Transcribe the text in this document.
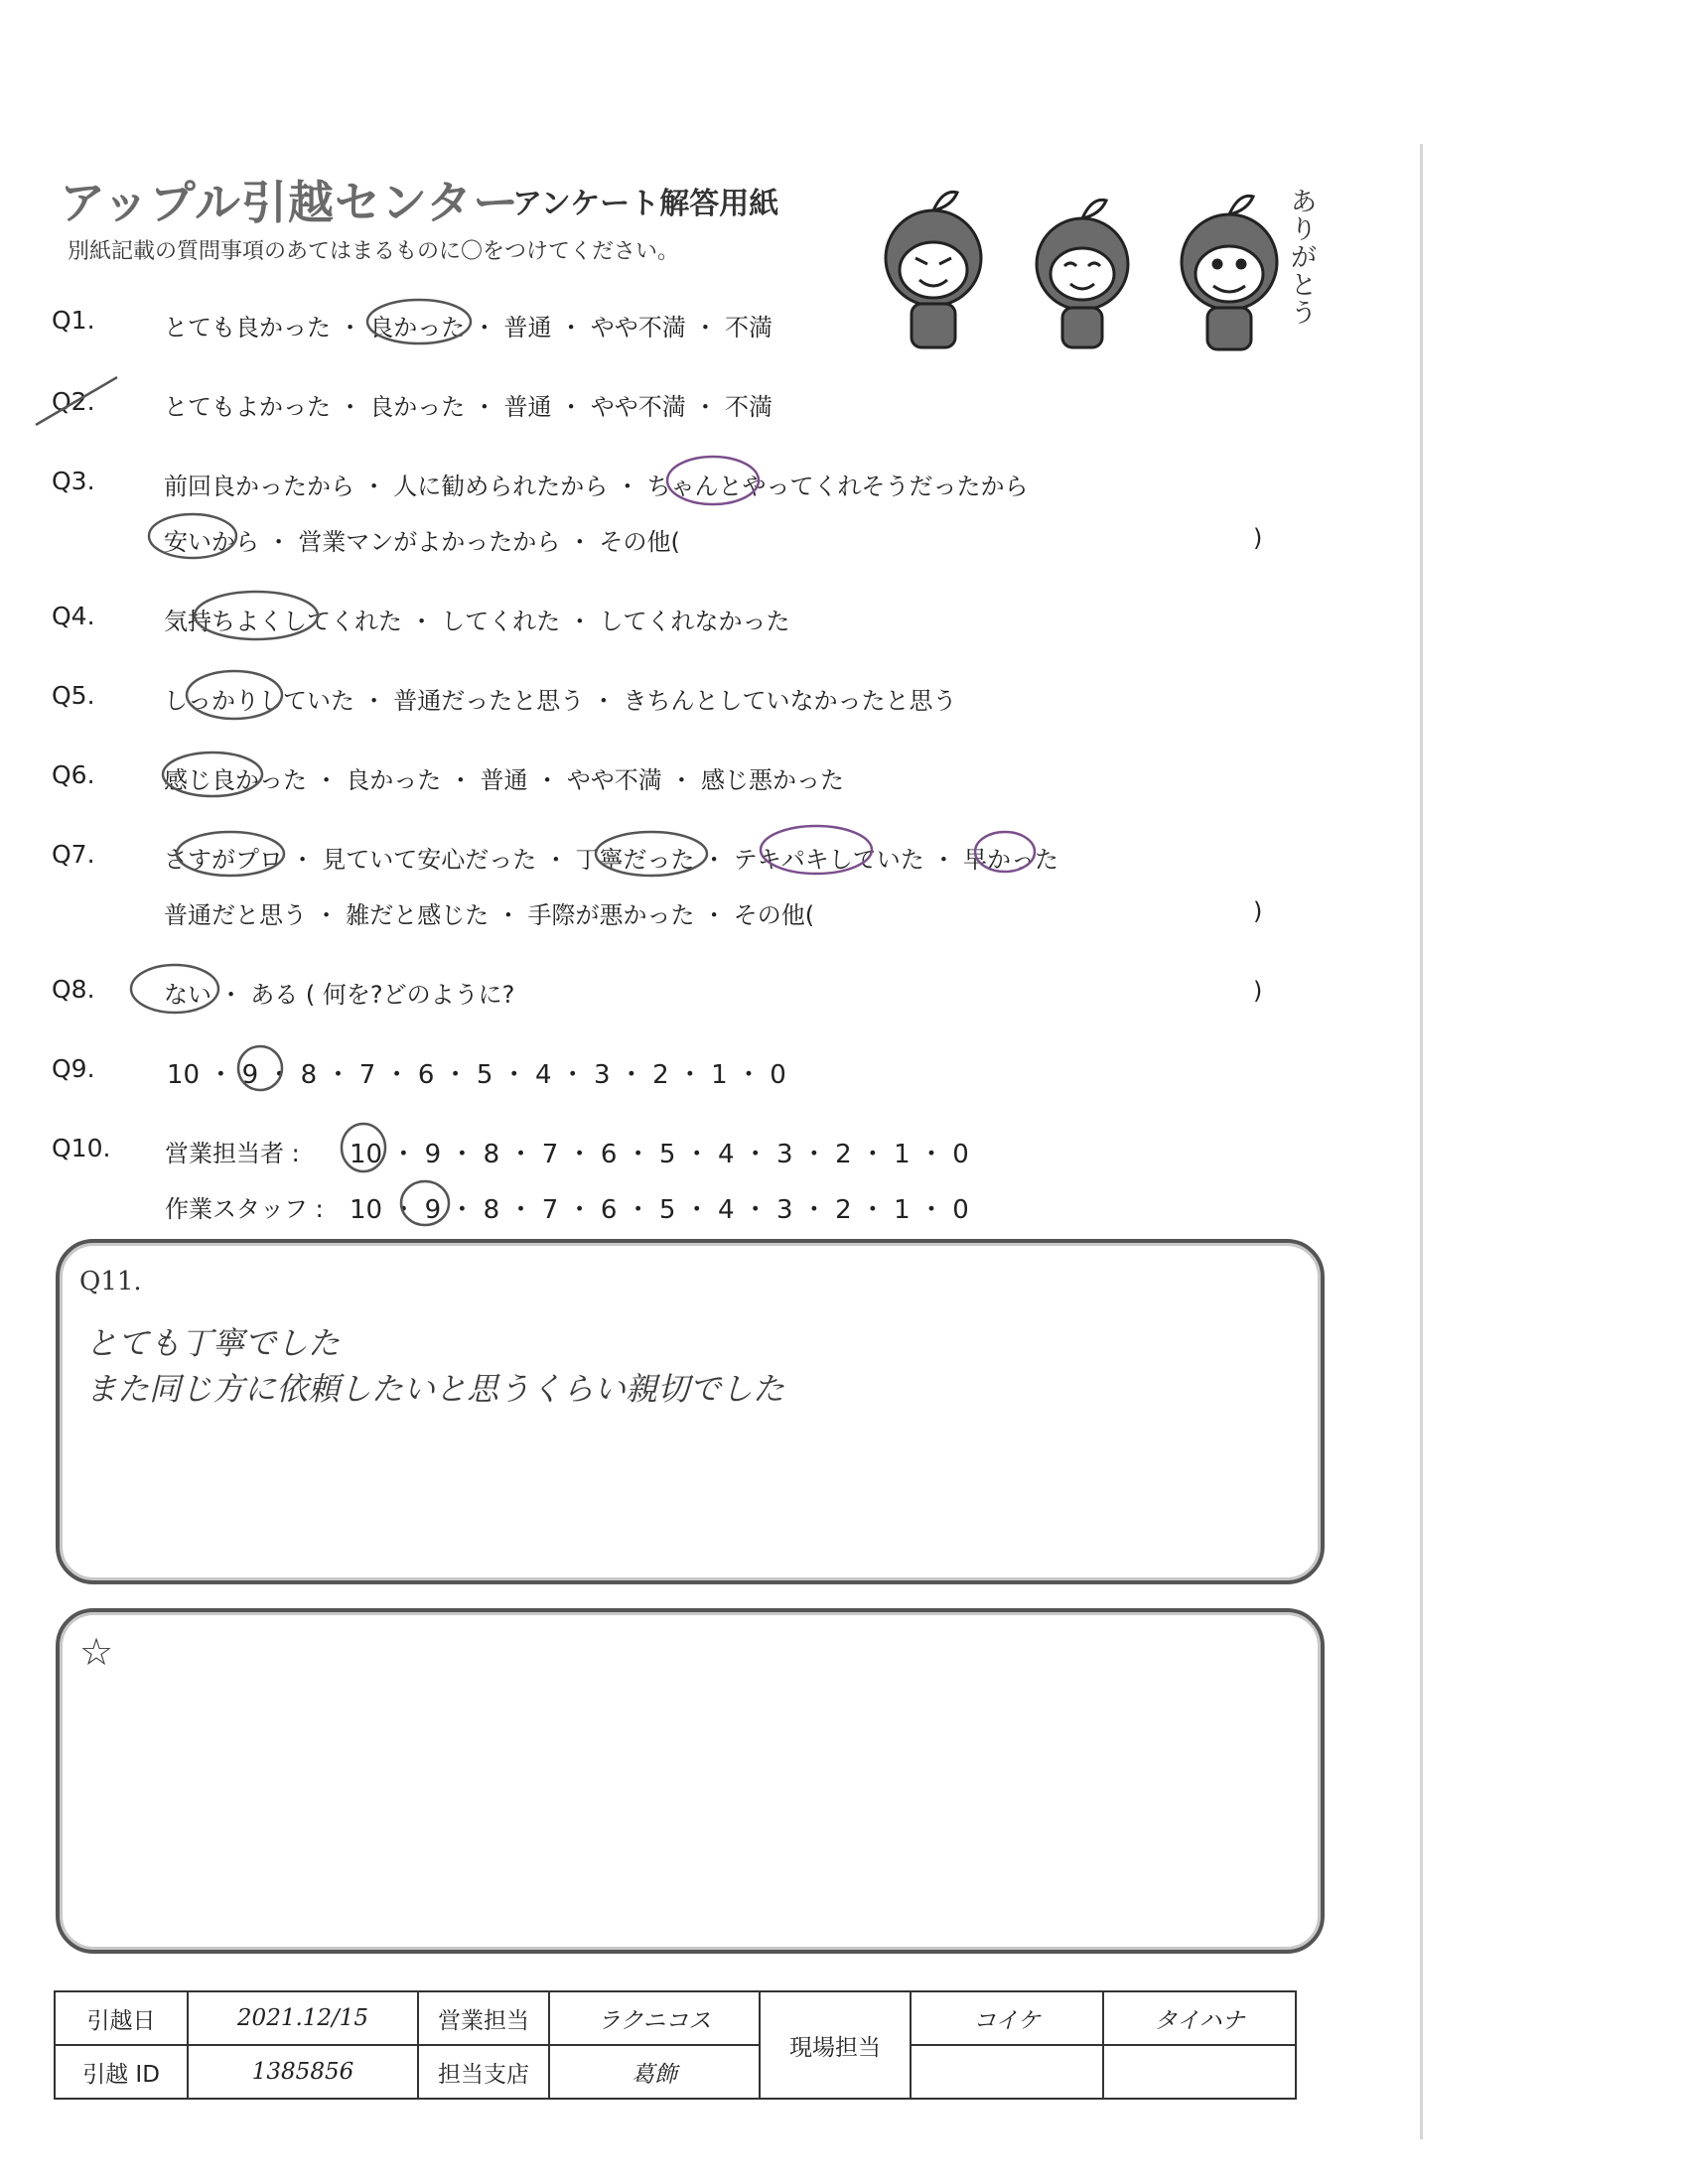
アップル引越センター
アンケート解答用紙
別紙記載の質問事項のあてはまるものに〇をつけてください。
ありがとう
Q1.	とても良かった ・ 良かった ・ 普通 ・ やや不満 ・ 不満
Q2.	とてもよかった ・ 良かった ・ 普通 ・ やや不満 ・ 不満
Q3.	前回良かったから ・ 人に勧められたから ・ ちゃんとやってくれそうだったから
安いから ・ 営業マンがよかったから ・ その他(	)
Q4.	気持ちよくしてくれた ・ してくれた ・ してくれなかった
Q5.	しっかりしていた ・ 普通だったと思う ・ きちんとしていなかったと思う
Q6.	感じ良かった ・ 良かった ・ 普通 ・ やや不満 ・ 感じ悪かった
Q7.	さすがプロ ・ 見ていて安心だった ・ 丁寧だった ・ テキパキしていた ・ 早かった
普通だと思う ・ 雑だと感じた ・ 手際が悪かった ・ その他(	)
Q8.	ない ・ ある ( 何を?どのように?	)
Q9.	10 ・ 9 ・ 8 ・ 7 ・ 6 ・ 5 ・ 4 ・ 3 ・ 2 ・ 1 ・ 0
Q10. 営業担当者 : 10 ・ 9 ・ 8 ・ 7 ・ 6 ・ 5 ・ 4 ・ 3 ・ 2 ・ 1 ・ 0
作業スタッフ : 10 ・ 9 ・ 8 ・ 7 ・ 6 ・ 5 ・ 4 ・ 3 ・ 2 ・ 1 ・ 0
Q11.
とても丁寧でした
また同じ方に依頼したいと思うくらい親切でした
☆
引越日	2021.12/15	営業担当	ラクニコス	現場担当	コイケ	タイハナ
引越 ID	1385856	担当支店	葛飾			
